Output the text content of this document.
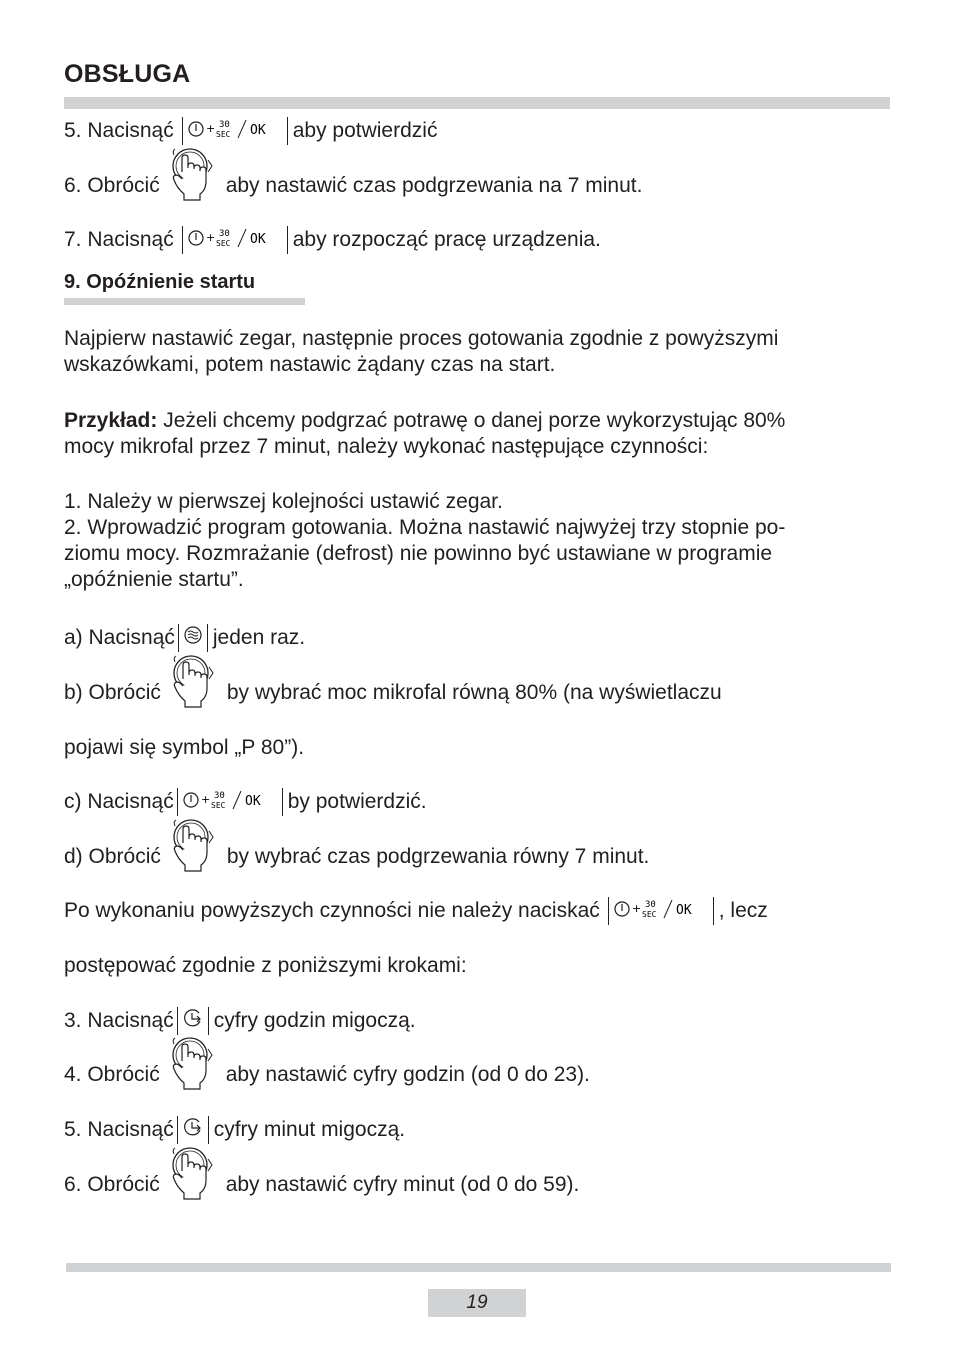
OBSŁUGA
5. Nacisnąć	+ 30
SEC OK aby potwierdzić
6. Obrócić	aby nastawić czas podgrzewania na 7 minut.
7. Nacisnąć	+ 30
SEC OK aby rozpocząć pracę urządzenia.
9. Opóźnienie startu
Najpierw nastawić zegar, następnie proces gotowania zgodnie z powyższymi
wskazówkami, potem nastawic żądany czas na start.
Przykład: Jeżeli chcemy podgrzać potrawę o danej porze wykorzystując 80%
mocy mikrofal przez 7 minut, należy wykonać następujące czynności:
1. Należy w pierwszej kolejności ustawić zegar.
2. Wprowadzić program gotowania. Można nastawić najwyżej trzy stopnie po-
ziomu mocy. Rozmrażanie (defrost) nie powinno być ustawiane w programie
„opóźnienie startu”.
a) Nacisnąć jeden raz.
b) Obrócić	by wybrać moc mikrofal równą 80% (na wyświetlaczu
pojawi się symbol „P 80”).
c) Nacisnąć + 30
SEC OK by potwierdzić.
d) Obrócić	by wybrać czas podgrzewania równy 7 minut.
Po wykonaniu powyższych czynności nie należy naciskać	+ 30
SEC OK , lecz
postępować zgodnie z poniższymi krokami:
3. Nacisnąć cyfry godzin migoczą.
4. Obrócić	aby nastawić cyfry godzin (od 0 do 23).
5. Nacisnąć cyfry minut migoczą.
6. Obrócić	aby nastawić cyfry minut (od 0 do 59).
19
